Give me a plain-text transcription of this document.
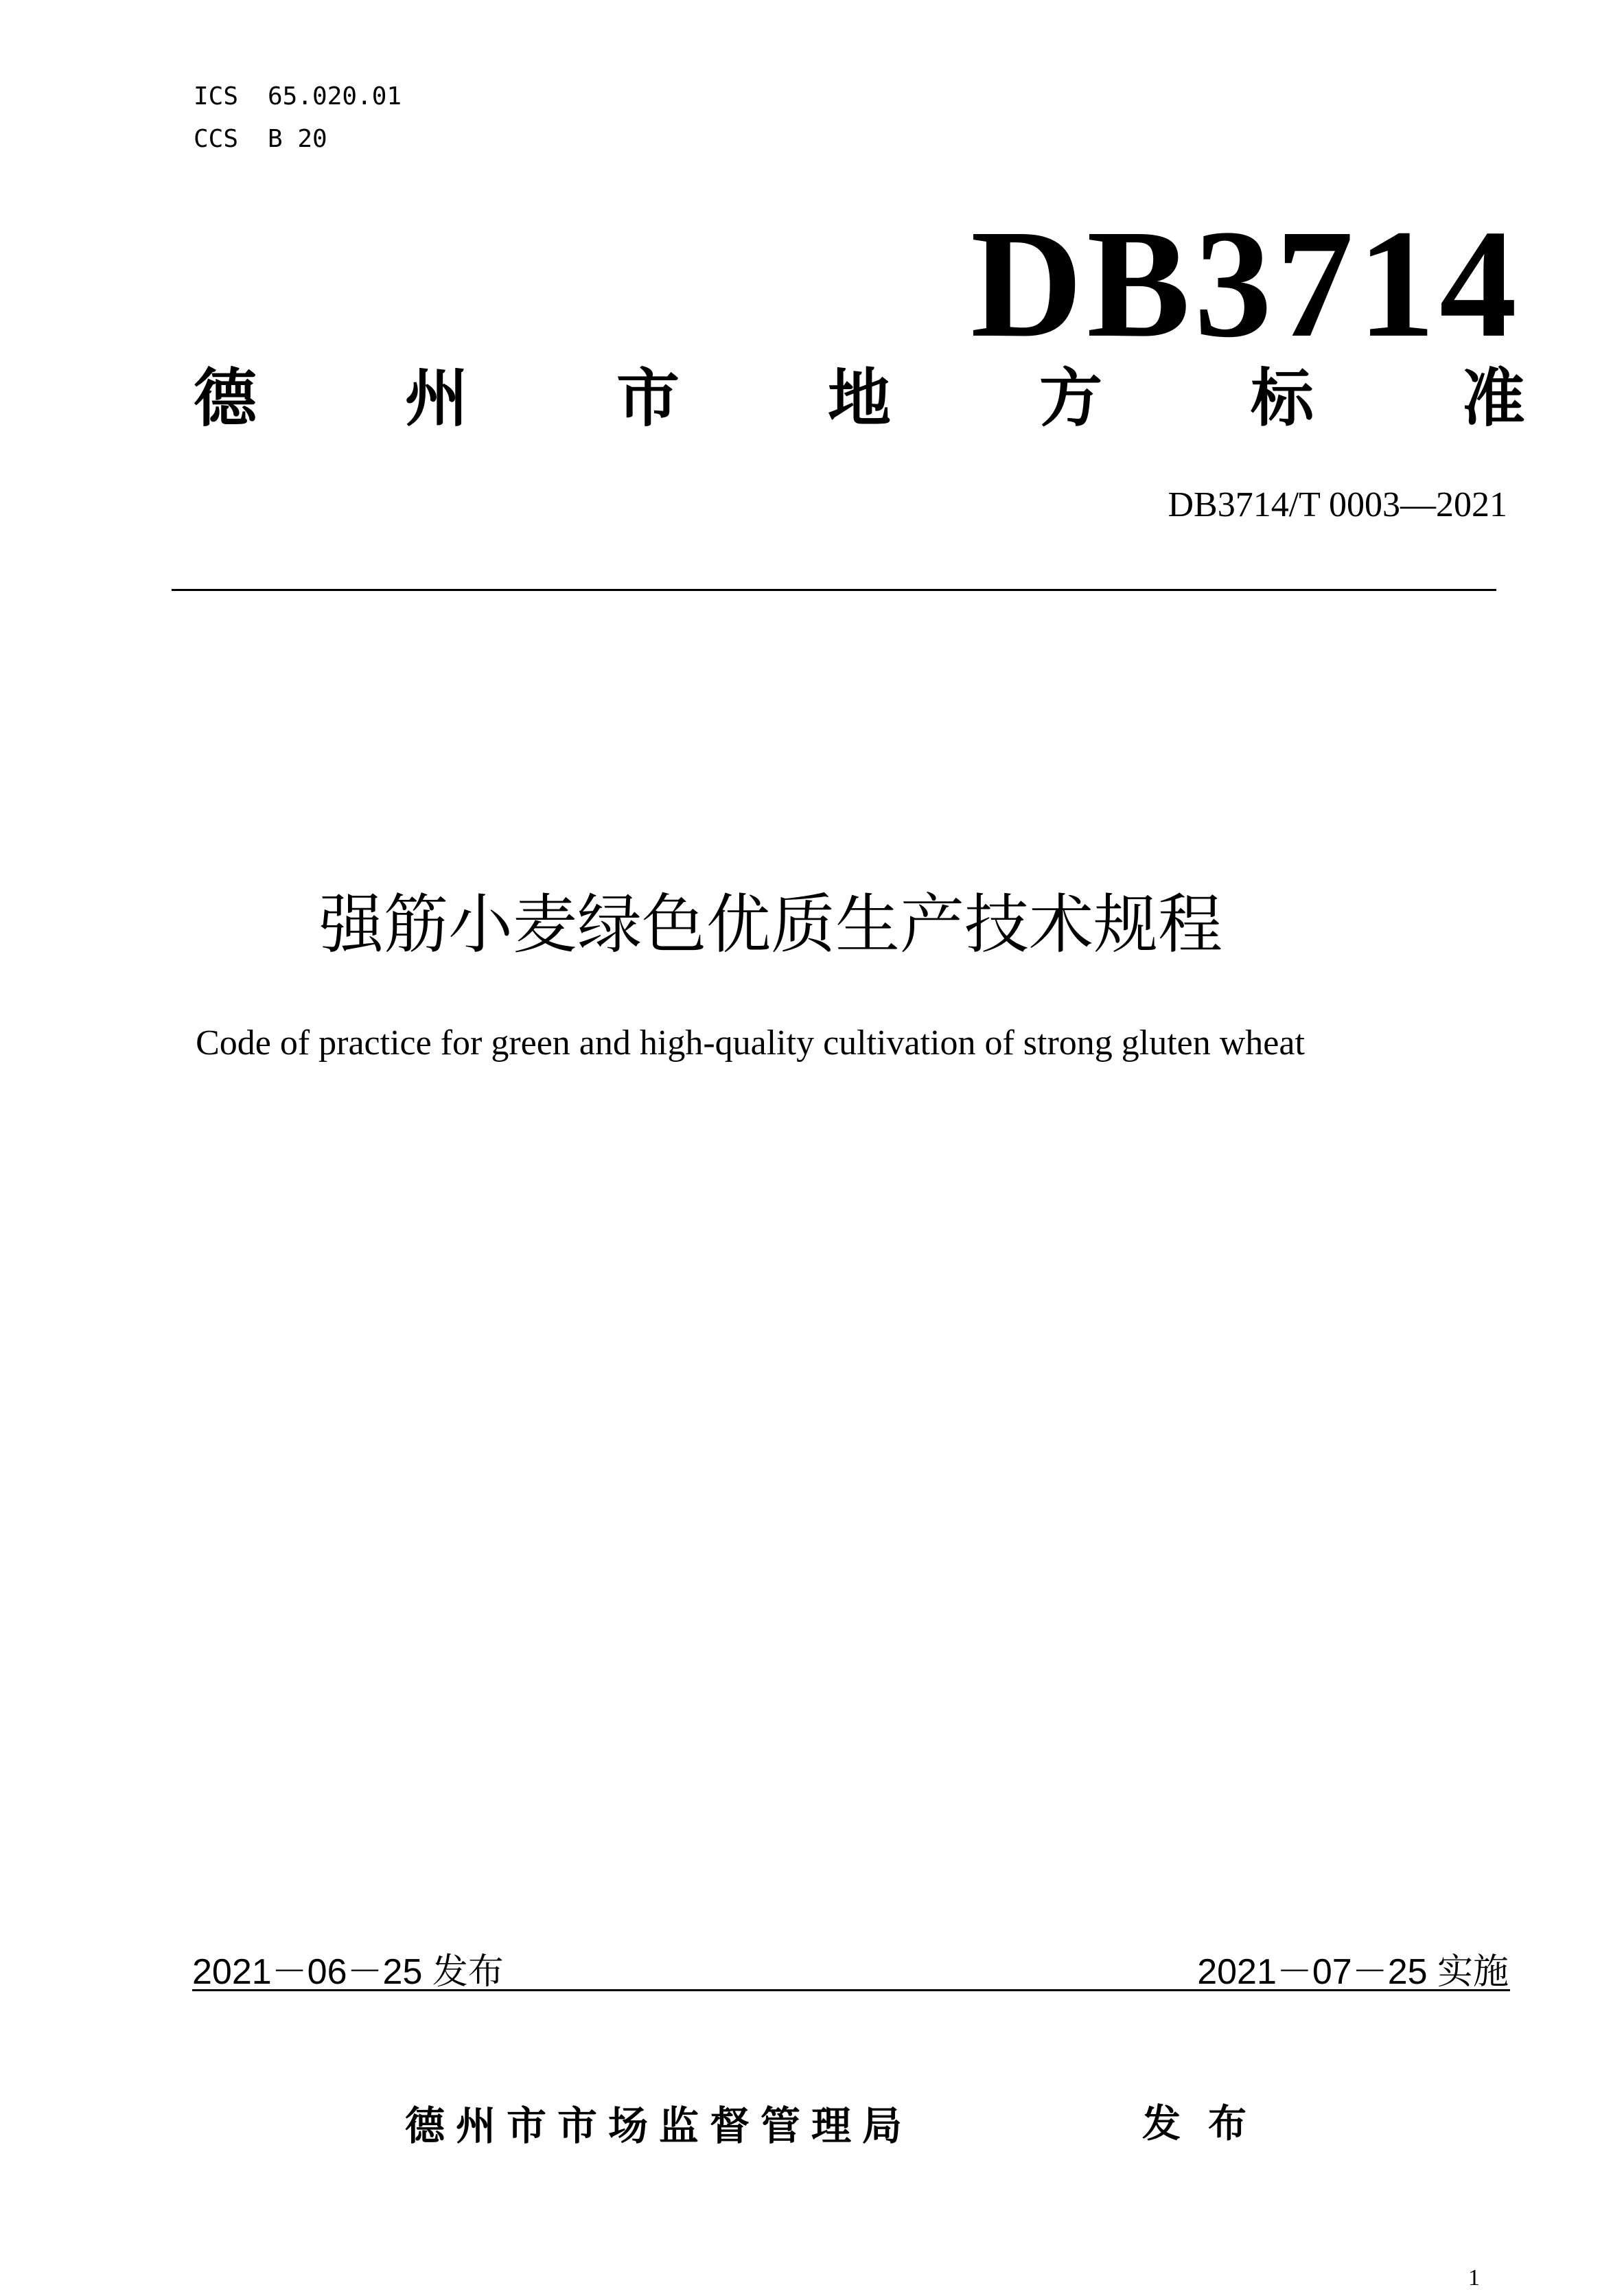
ICS 65.020.01
CCS B 20
DB3714
德 州 市 地 方 标 准
DB3714/T 0003—2021
强筋小麦绿色优质生产技术规程
Code of practice for green and high-quality cultivation of strong gluten wheat
2021－06－25 发布	2021－07－25 实施
德州市市场监督管理局	发布
1
